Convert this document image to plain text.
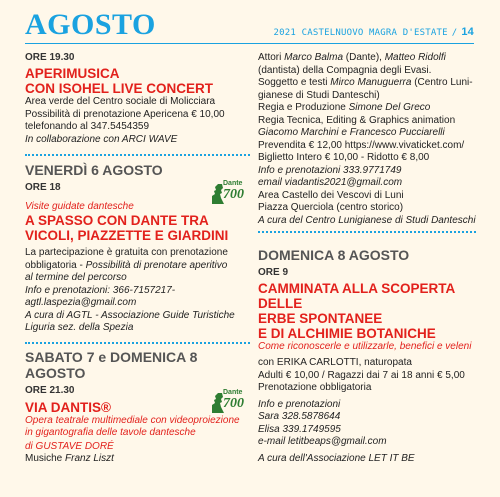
AGOSTO	2021 CASTELNUOVO MAGRA D'ESTATE / 14
ORE 19.30
APERIMUSICA
CON ISOHEL LIVE CONCERT
Area verde del Centro sociale di Molicciara
Possibilità di prenotazione Apericena € 10,00
telefonando al 347.5454359
In collaborazione con ARCI WAVE
VENERDÌ 6 AGOSTO
Dante
700
ORE 18
Visite guidate dantesche
A SPASSO CON DANTE TRA
VICOLI, PIAZZETTE E GIARDINI
La partecipazione è gratuita con prenotazione
obbligatoria - Possibilità di prenotare aperitivo
al termine del percorso
Info e prenotazioni: 366-7157217-
agtl.laspezia@gmail.com
A cura di AGTL - Associazione Guide Turistiche
Liguria sez. della Spezia
SABATO 7 e DOMENICA 8 AGOSTO
Dante
700
ORE 21.30
VIA DANTIS®
Opera teatrale multimediale con videoproiezione
in gigantografia delle tavole dantesche
di GUSTAVE DORÉ
Musiche Franz Liszt
Attori Marco Balma (Dante), Matteo Ridolfi
(dantista) della Compagnia degli Evasi.
Soggetto e testi Mirco Manuguerra (Centro Luni-
gianese di Studi Danteschi)
Regia e Produzione Simone Del Greco
Regia Tecnica, Editing & Graphics animation
Giacomo Marchini e Francesco Pucciarelli
Prevendita € 12,00 https://www.vivaticket.com/
Biglietto Intero € 10,00 - Ridotto € 8,00
Info e prenotazioni 333.9771749
email viadantis2021@gmail.com
Area Castello dei Vescovi di Luni
Piazza Querciola (centro storico)
A cura del Centro Lunigianese di Studi Danteschi
DOMENICA 8 AGOSTO
ORE 9
CAMMINATA ALLA SCOPERTA DELLE
ERBE SPONTANEE
E DI ALCHIMIE BOTANICHE
Come riconoscerle e utilizzarle, benefici e veleni
con ERIKA CARLOTTI, naturopata
Adulti € 10,00 / Ragazzi dai 7 ai 18 anni € 5,00
Prenotazione obbligatoria
Info e prenotazioni
Sara 328.5878644
Elisa 339.1749595
e-mail letitbeaps@gmail.com
A cura dell'Associazione LET IT BE
